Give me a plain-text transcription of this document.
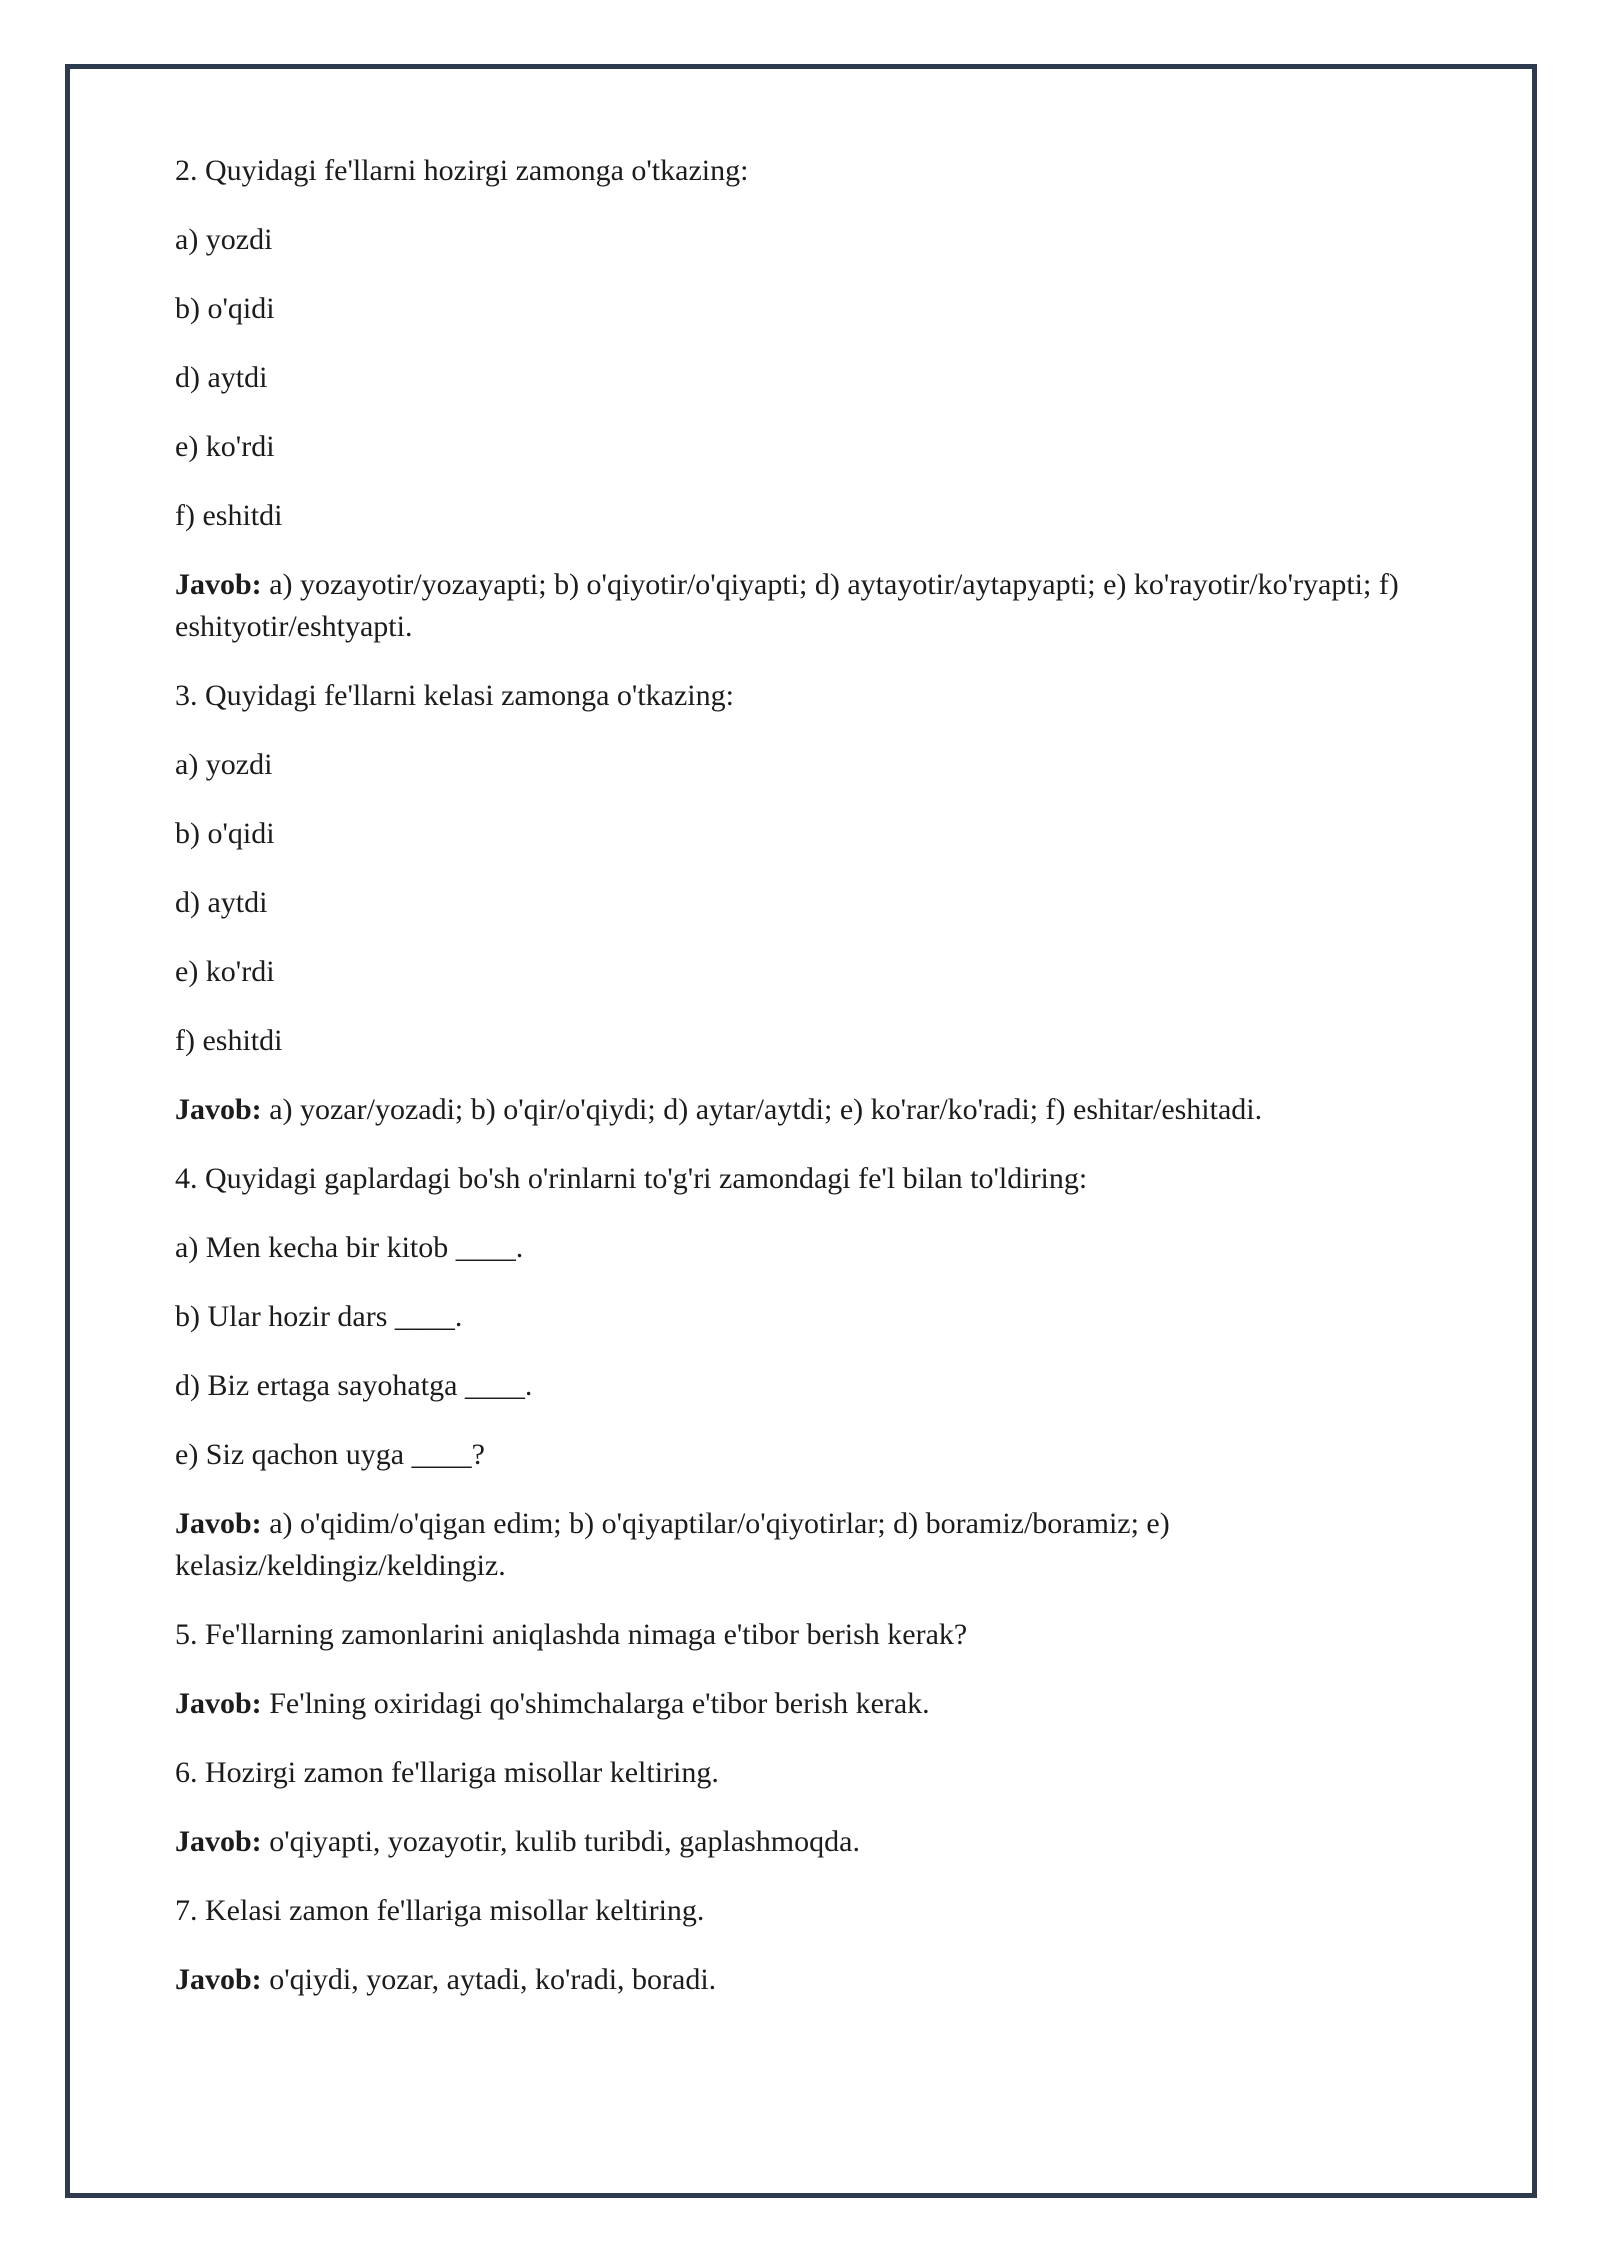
2. Quyidagi fe'llarni hozirgi zamonga o'tkazing:

a) yozdi

b) o'qidi

d) aytdi

e) ko'rdi

f) eshitdi

Javob: a) yozayotir/yozayapti; b) o'qiyotir/o'qiyapti; d) aytayotir/aytapyapti; e) ko'rayotir/ko'ryapti; f) eshityotir/eshtyapti.

3. Quyidagi fe'llarni kelasi zamonga o'tkazing:

a) yozdi

b) o'qidi

d) aytdi

e) ko'rdi

f) eshitdi

Javob: a) yozar/yozadi; b) o'qir/o'qiydi; d) aytar/aytdi; e) ko'rar/ko'radi; f) eshitar/eshitadi.

4. Quyidagi gaplardagi bo'sh o'rinlarni to'g'ri zamondagi fe'l bilan to'ldiring:

a) Men kecha bir kitob ____.

b) Ular hozir dars ____.

d) Biz ertaga sayohatga ____.

e) Siz qachon uyga ____?

Javob: a) o'qidim/o'qigan edim; b) o'qiyaptilar/o'qiyotirlar; d) boramiz/boramiz; e) kelasiz/keldingiz/keldingiz.

5. Fe'llarning zamonlarini aniqlashda nimaga e'tibor berish kerak?

Javob: Fe'lning oxiridagi qo'shimchalarga e'tibor berish kerak.

6. Hozirgi zamon fe'llariga misollar keltiring.

Javob: o'qiyapti, yozayotir, kulib turibdi, gaplashmoqda.

7. Kelasi zamon fe'llariga misollar keltiring.

Javob: o'qiydi, yozar, aytadi, ko'radi, boradi.
